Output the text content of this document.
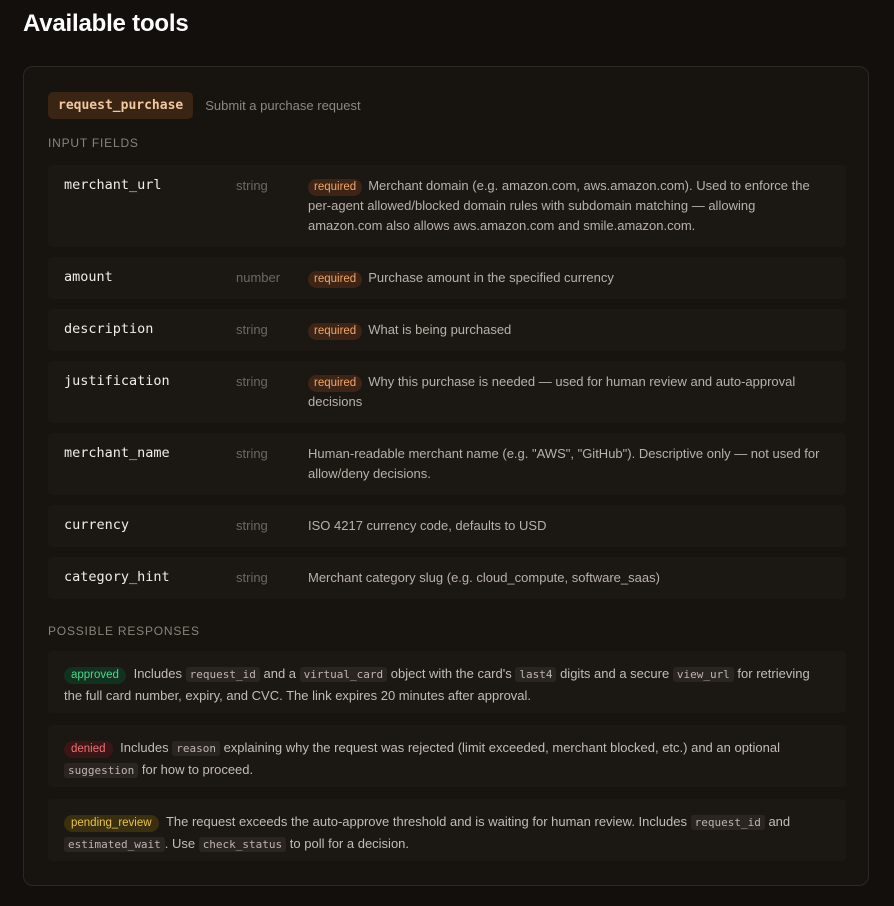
Available tools
request_purchase	Submit a purchase request
INPUT FIELDS
merchant_url	string	required Merchant domain (e.g. amazon.com, aws.amazon.com). Used to enforce the per-agent allowed/blocked domain rules with subdomain matching — allowing amazon.com also allows aws.amazon.com and smile.amazon.com.
amount	number	required Purchase amount in the specified currency
description	string	required What is being purchased
justification	string	required Why this purchase is needed — used for human review and auto-approval decisions
merchant_name	string	Human-readable merchant name (e.g. "AWS", "GitHub"). Descriptive only — not used for allow/deny decisions.
currency	string	ISO 4217 currency code, defaults to USD
category_hint	string	Merchant category slug (e.g. cloud_compute, software_saas)
POSSIBLE RESPONSES
approved Includes request_id and a virtual_card object with the card's last4 digits and a secure view_url for retrieving the full card number, expiry, and CVC. The link expires 20 minutes after approval.
denied Includes reason explaining why the request was rejected (limit exceeded, merchant blocked, etc.) and an optional suggestion for how to proceed.
pending_review The request exceeds the auto-approve threshold and is waiting for human review. Includes request_id and estimated_wait . Use check_status to poll for a decision.
